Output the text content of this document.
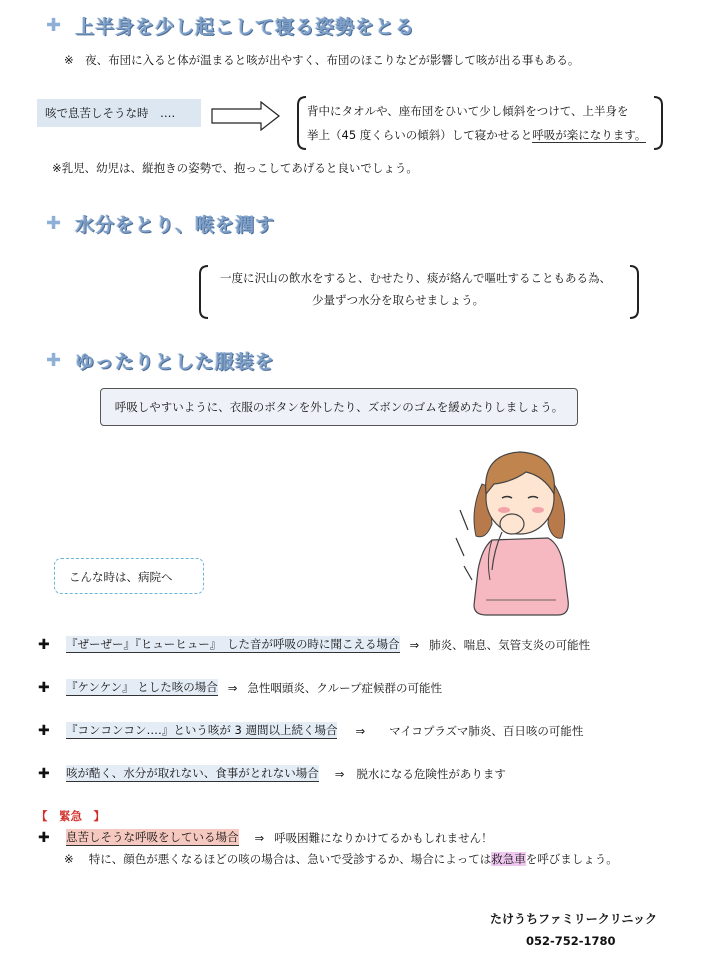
✚ 上半身を少し起こして寝る姿勢をとる
※　夜、布団に入ると体が温まると咳が出やすく、布団のほこりなどが影響して咳が出る事もある。
咳で息苦しそうな時　‥‥	背中にタオルや、座布団をひいて少し傾斜をつけて、上半身を
挙上（45 度くらいの傾斜）して寝かせると呼吸が楽になります。
※乳児、幼児は、縦抱きの姿勢で、抱っこしてあげると良いでしょう。
✚ 水分をとり、喉を潤す
一度に沢山の飲水をすると、むせたり、痰が絡んで嘔吐することもある為、
少量ずつ水分を取らせましょう。
✚ ゆったりとした服装を
呼吸しやすいように、衣服のボタンを外したり、ズボンのゴムを緩めたりしましょう。
こんな時は、病院へ
✚	『ぜーぜー』『ヒューヒュー』　した音が呼吸の時に聞こえる場合 ⇒ 肺炎、喘息、気管支炎の可能性
✚	『ケンケン』 とした咳の場合 ⇒ 急性咽頭炎、クループ症候群の可能性
✚	『コンコンコン‥‥』という咳が 3 週間以上続く場合 ⇒ マイコプラズマ肺炎、百日咳の可能性
✚	咳が酷く、水分が取れない、食事がとれない場合 ⇒ 脱水になる危険性があります
【　緊急　】
✚	息苦しそうな呼吸をしている場合 ⇒ 呼吸困難になりかけてるかもしれません！
※　 特に、顔色が悪くなるほどの咳の場合は、急いで受診するか、場合によっては救急車を呼びましょう。
たけうちファミリークリニック
052-752-1780
